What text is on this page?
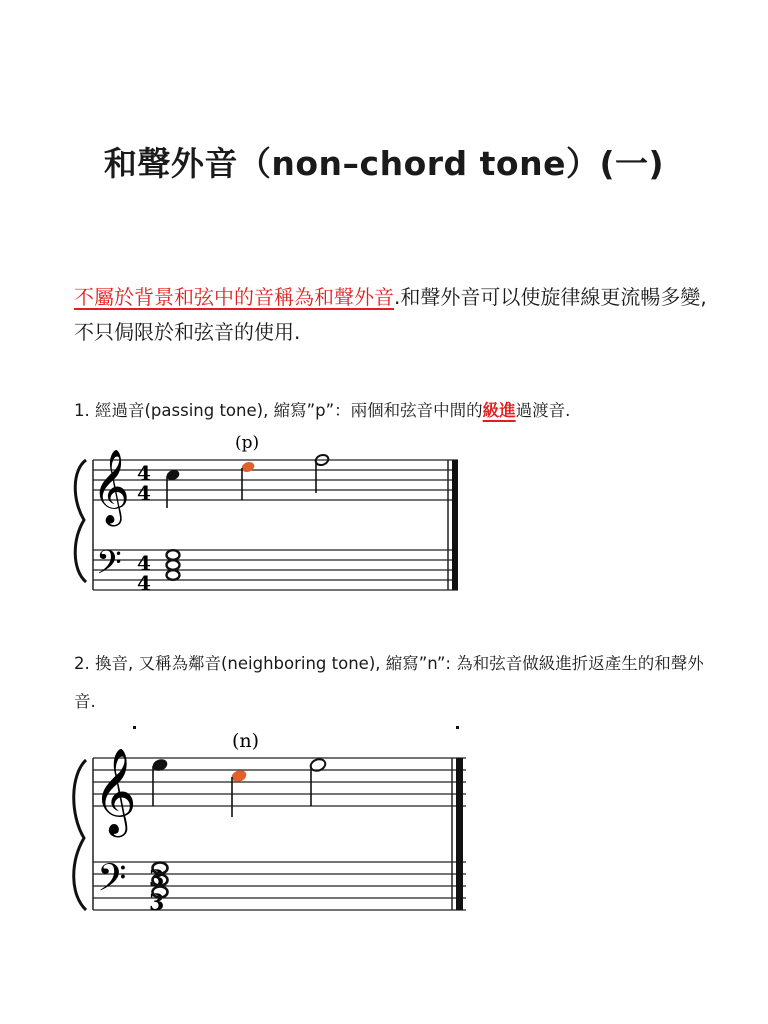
和聲外音（non–chord tone）(一)
不屬於背景和弦中的音稱為和聲外音.和聲外音可以使旋律線更流暢多變, 不只侷限於和弦音的使用.
1. 經過音(passing tone), 縮寫”p”：兩個和弦音中間的級進過渡音.
2. 換音, 又稱為鄰音(neighboring tone), 縮寫”n”: 為和弦音做級進折返產生的和聲外音.
𝄞
𝄢
4
4
4
4
(p)
𝄞
𝄢
(n)
3
3
